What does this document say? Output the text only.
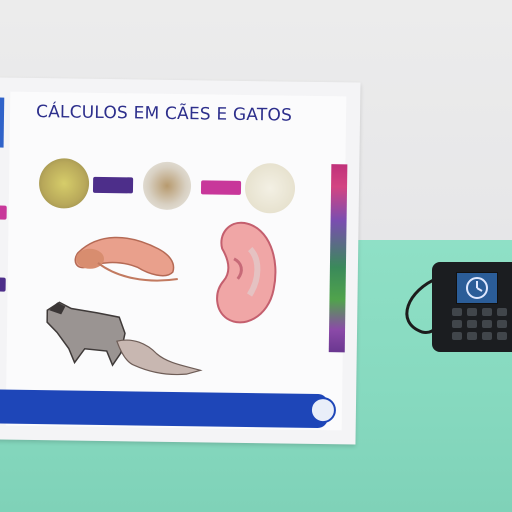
CÁLCULOS EM CÃES E GATOS
